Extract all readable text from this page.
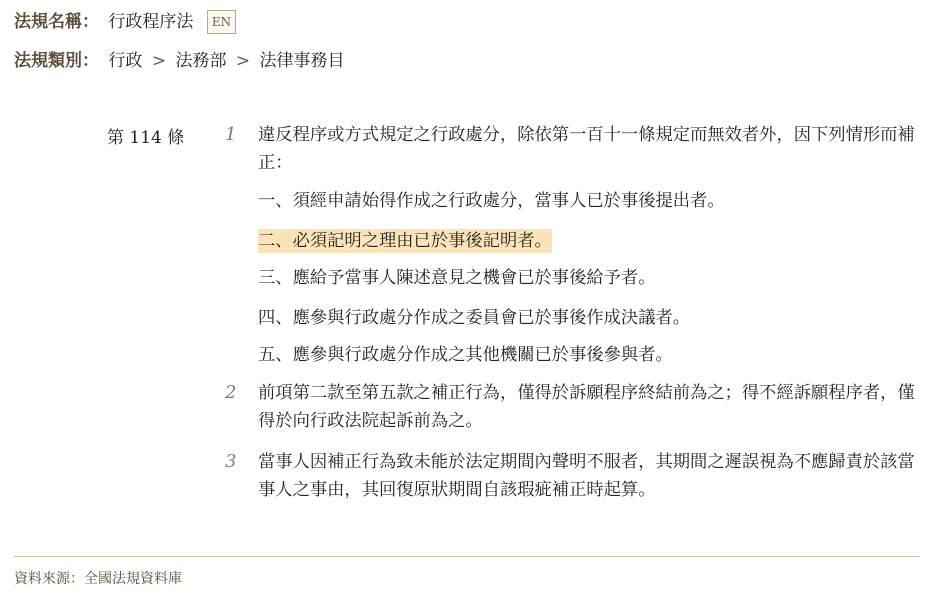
法規名稱： 行政程序法 EN
法規類別： 行政 > 法務部 > 法律事務目
第 114 條 1 違反程序或方式規定之行政處分，除依第一百十一條規定而無效者外，因下列情形而補正：
一、須經申請始得作成之行政處分，當事人已於事後提出者。
二、必須記明之理由已於事後記明者。
三、應給予當事人陳述意見之機會已於事後給予者。
四、應參與行政處分作成之委員會已於事後作成決議者。
五、應參與行政處分作成之其他機關已於事後參與者。
2 前項第二款至第五款之補正行為，僅得於訴願程序終結前為之；得不經訴願程序者，僅得於向行政法院起訴前為之。
3 當事人因補正行為致未能於法定期間內聲明不服者，其期間之遲誤視為不應歸責於該當事人之事由，其回復原狀期間自該瑕疵補正時起算。
資料來源：全國法規資料庫
